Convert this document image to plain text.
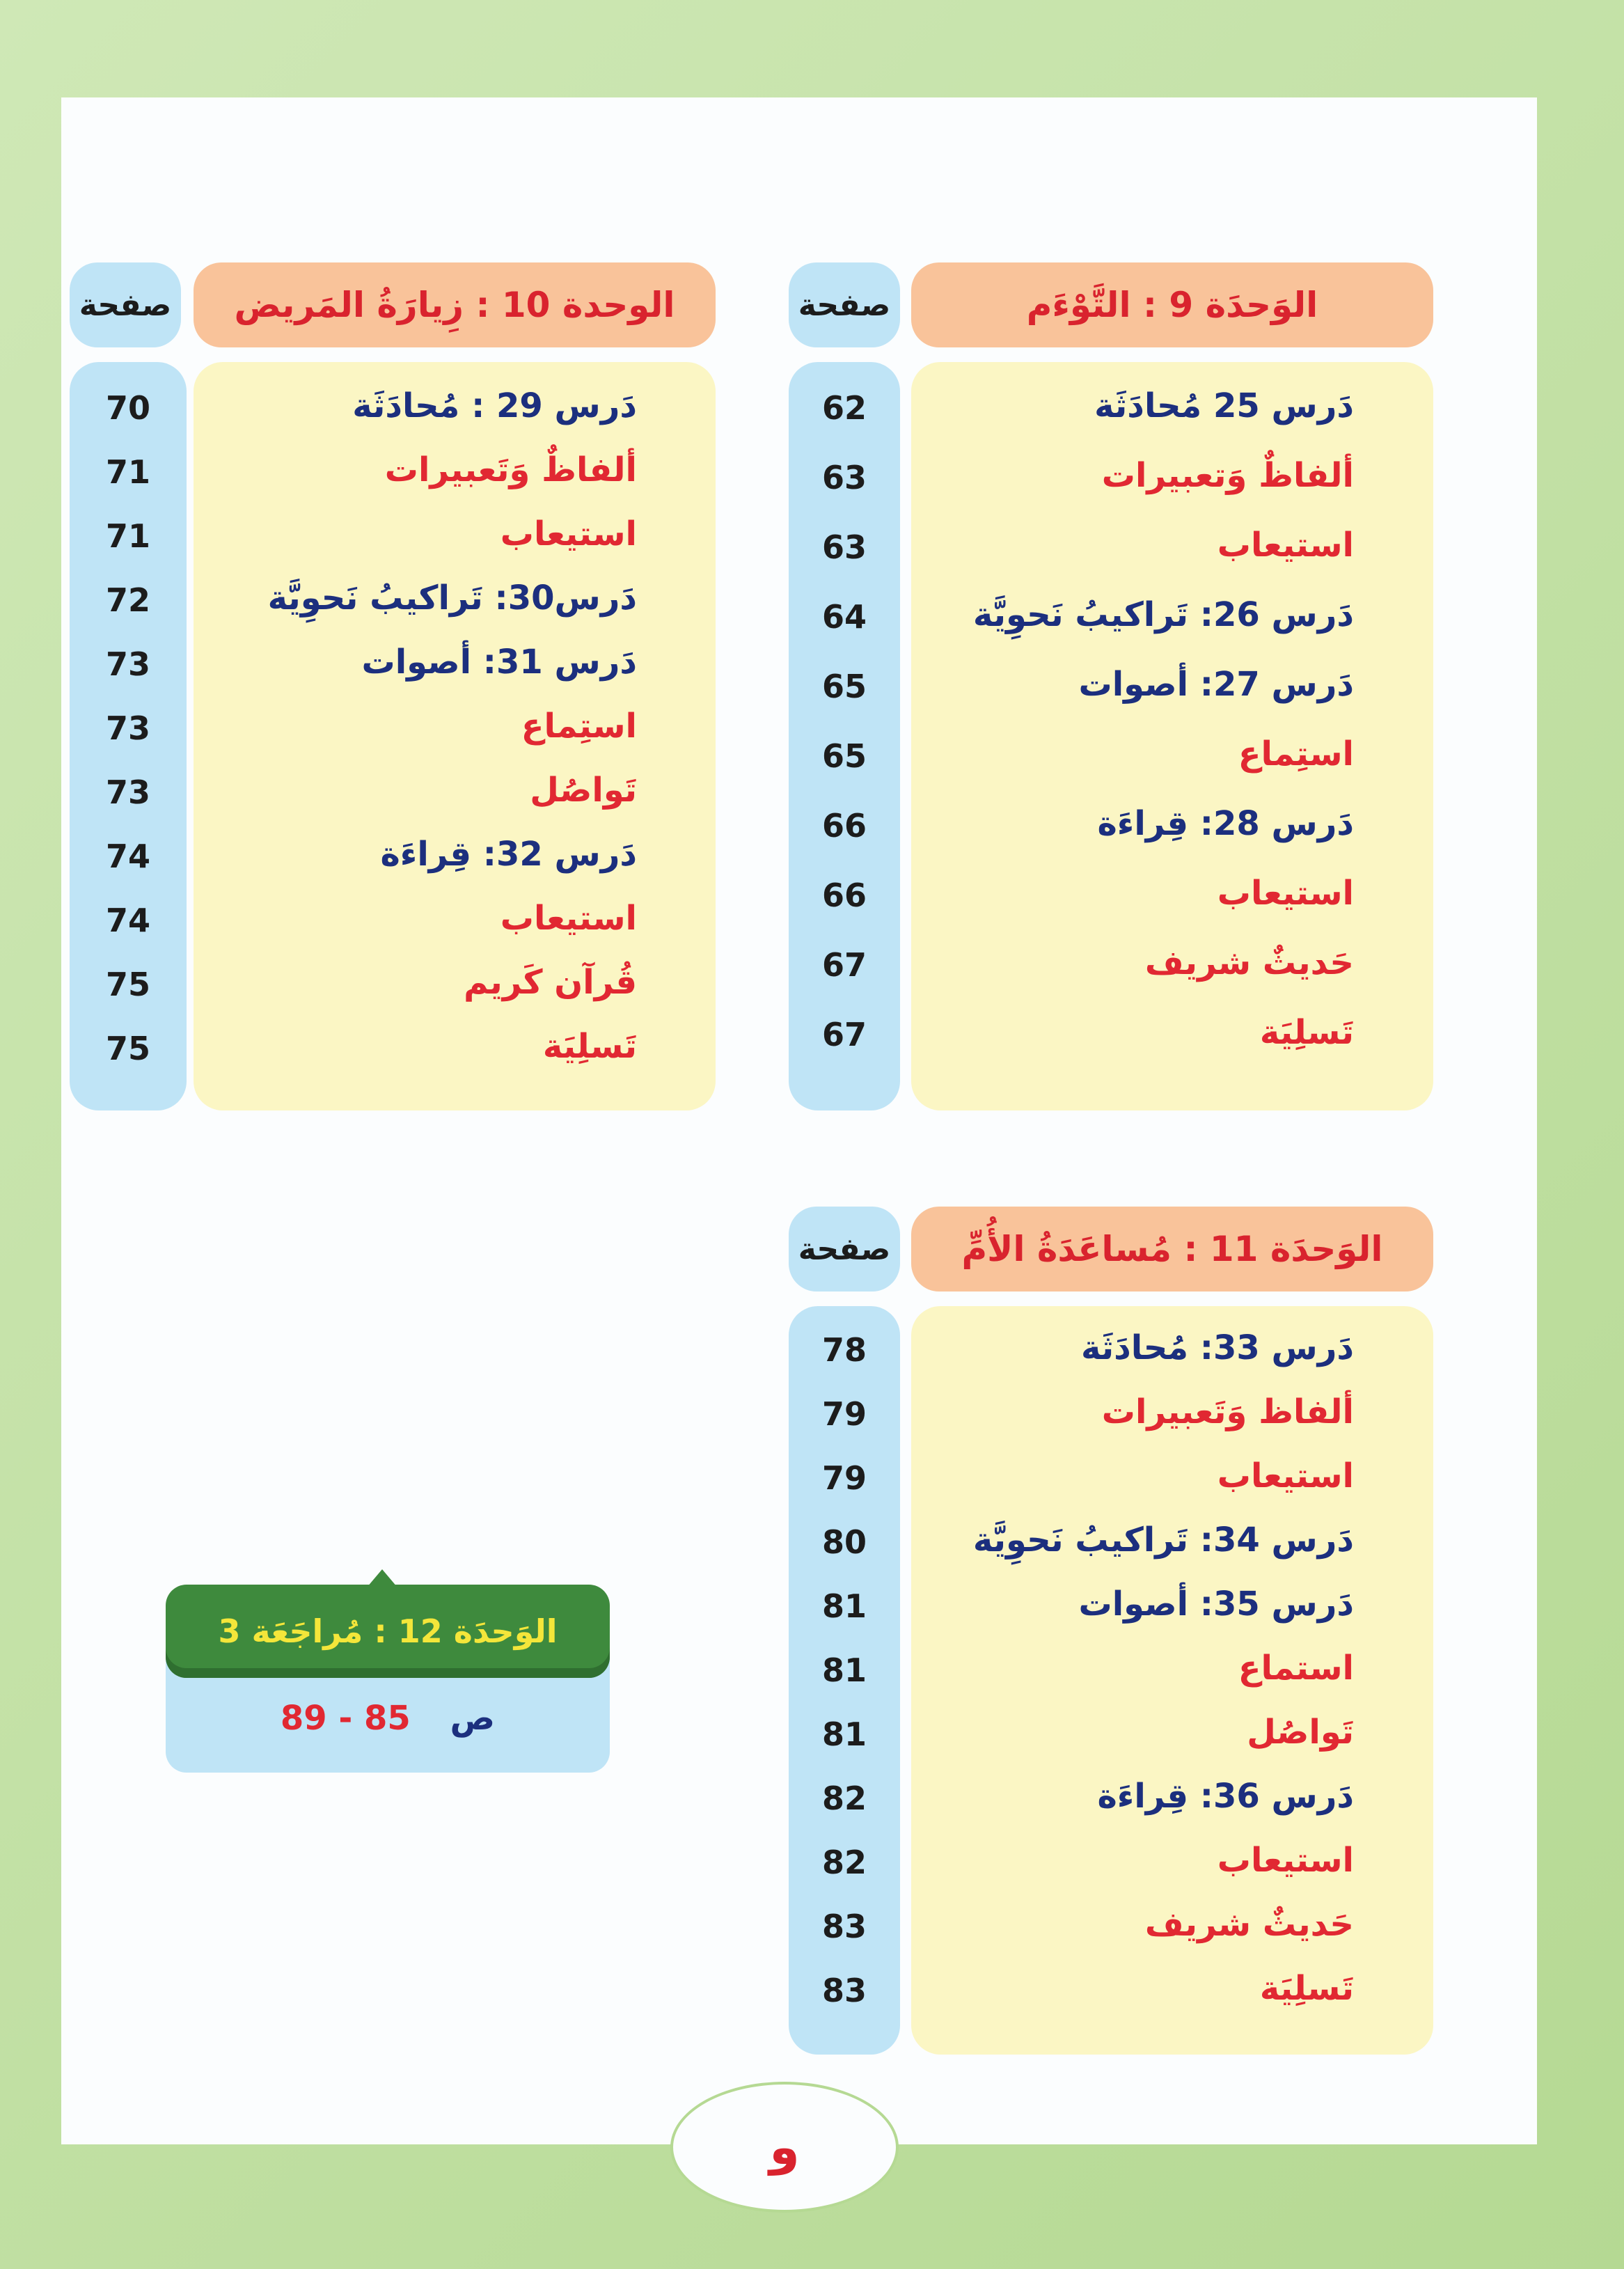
الوَحدَة 9 : التَّوْءَم
صفحة
دَرس 25 مُحادَثَة
62
ألفاظٌ وَتعبيرات
63
استيعاب
63
دَرس 26: تَراكيبُ نَحوِيَّة
64
دَرس 27: أصوات
65
استِماع
65
دَرس 28: قِراءَة
66
استيعاب
66
حَديثٌ شريف
67
تَسلِيَة
67
الوحدة 10 : زِيارَةُ المَريض
صفحة
دَرس 29 : مُحادَثَة
70
ألفاظٌ وَتَعبيرات
71
استيعاب
71
دَرس30: تَراكيبُ نَحوِيَّة
72
دَرس 31: أصوات
73
استِماع
73
تَواصُل
73
دَرس 32: قِراءَة
74
استيعاب
74
قُرآن كَريم
75
تَسلِيَة
75
الوَحدَة 11 : مُساعَدَةُ الأُمِّ
صفحة
دَرس 33: مُحادَثَة
78
ألفاظ وَتَعبيرات
79
استيعاب
79
دَرس 34: تَراكيبُ نَحوِيَّة
80
دَرس 35: أصوات
81
استماع
81
تَواصُل
81
دَرس 36: قِراءَة
82
استيعاب
82
حَديثٌ شريف
83
تَسلِيَة
83
الوَحدَة 12 : مُراجَعَة 3
ص 85 - 89
و
